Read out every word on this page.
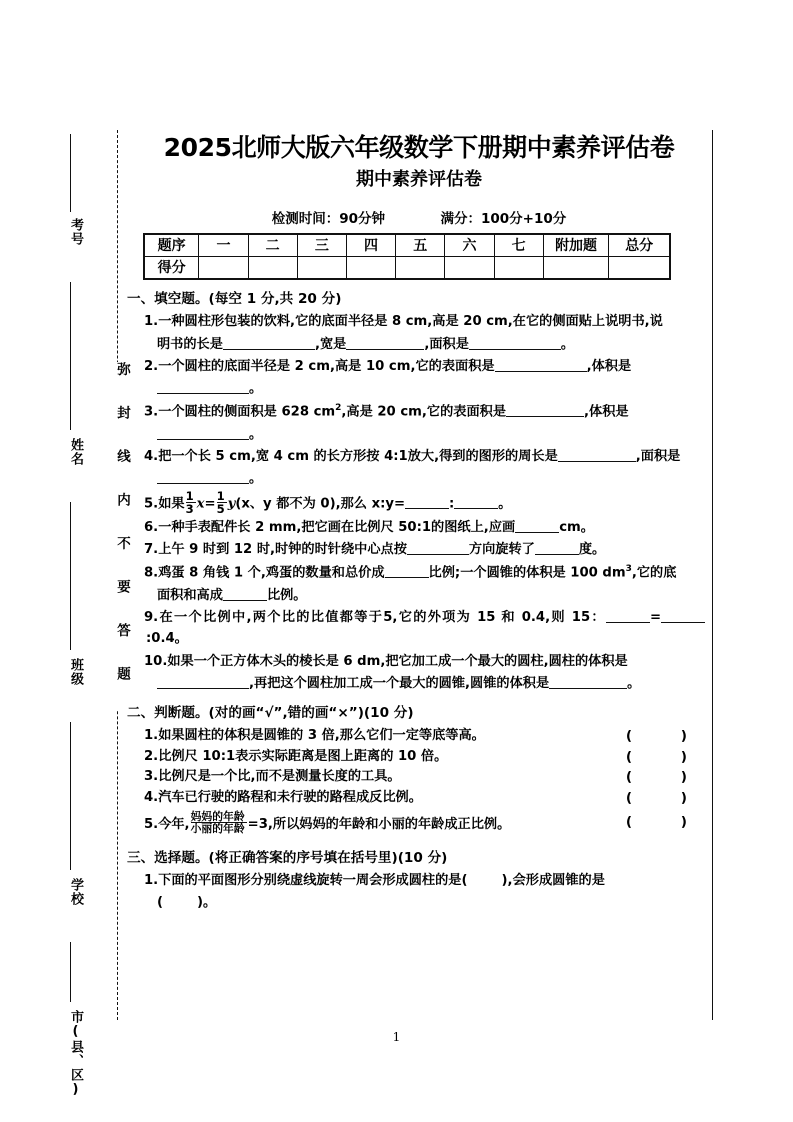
考号
姓名
班级
学校
市(县、区)
弥封线内不要答题
2025北师大版六年级数学下册期中素养评估卷
期中素养评估卷
检测时间：90分钟	满分：100分+10分
题序	一	二	三	四	五	六	七	附加题	总分
得分									
一、填空题。(每空 1 分,共 20 分)
1.一种圆柱形包装的饮料,它的底面半径是 8 cm,高是 20 cm,在它的侧面贴上说明书,说
明书的长是	,宽是	,面积是	。
2.一个圆柱的底面半径是 2 cm,高是 10 cm,它的表面积是	,体积是
。
3.一个圆柱的侧面积是 628 $cm^2$,高是 20 cm,它的表面积是	,体积是
。
4.把一个长 5 cm,宽 4 cm 的长方形按 4:1放大,得到的图形的周长是	,面积是
。
5.如果 $\frac{1}{3} x= \frac{1}{5} y(x$、y 都不为 0),那么 x:y=	:	。
6.一种手表配件长 2 mm,把它画在比例尺 50:1的图纸上,应画	cm。
7.上午 9 时到 12 时,时钟的时针绕中心点按	方向旋转了	度。
8.鸡蛋 8 角钱 1 个,鸡蛋的数量和总价成	比例;一个圆锥的体积是 100 $dm^3$,它的底
面积和高成	比例。
9.在一个比例中,两个比的比值都等于5,它的外项为 15 和 0.4,则 15：	=:0.4。
10.如果一个正方体木头的棱长是 6 dm,把它加工成一个最大的圆柱,圆柱的体积是
,再把这个圆柱加工成一个最大的圆锥,圆锥的体积是	。
二、判断题。(对的画“√”,错的画“×”)(10 分)
( )
1.如果圆柱的体积是圆锥的 3 倍,那么它们一定等底等高。
( )
2.比例尺 10:1表示实际距离是图上距离的 10 倍。
( )
3.比例尺是一个比,而不是测量长度的工具。
( )
4.汽车已行驶的路程和未行驶的路程成反比例。
( )
5.今年, $\frac{\text{妈妈的年龄}}{\text{小丽的年龄}} =3$,所以妈妈的年龄和小丽的年龄成正比例。
三、选择题。(将正确答案的序号填在括号里)(10 分)
1.下面的平面图形分别绕虚线旋转一周会形成圆柱的是(	),会形成圆锥的是
(	)。
1
